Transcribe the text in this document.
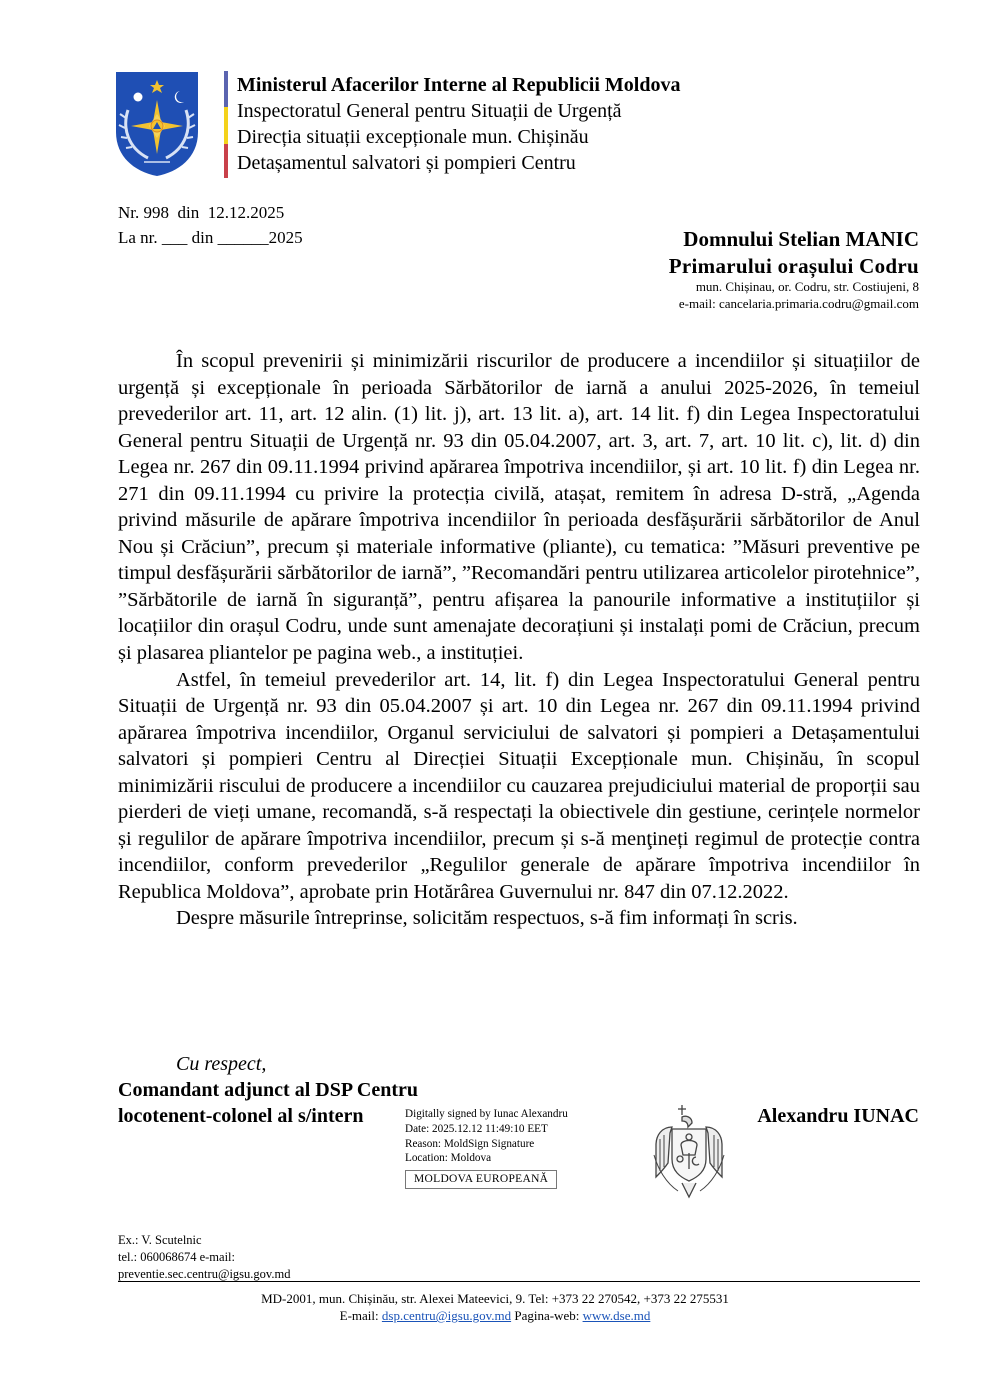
Ministerul Afacerilor Interne al Republicii Moldova
Inspectoratul General pentru Situații de Urgență
Direcția situații excepționale mun. Chișinău
Detașamentul salvatori și pompieri Centru
Nr. 998  din  12.12.2025
La nr. ___ din ______2025	Domnului Stelian MANIC
Primarului orașului Codru
mun. Chișinau, or. Codru, str. Costiujeni, 8
e-mail: cancelaria.primaria.codru@gmail.com

În scopul prevenirii și minimizării riscurilor de producere a incendiilor și situațiilor de urgență și excepționale în perioada Sărbătorilor de iarnă a anului 2025-2026, în temeiul prevederilor art. 11, art. 12 alin. (1) lit. j), art. 13 lit. a), art. 14 lit. f) din Legea Inspectoratului General pentru Situații de Urgență nr. 93 din 05.04.2007, art. 3, art. 7, art. 10 lit. c), lit. d) din Legea nr. 267 din 09.11.1994 privind apărarea împotriva incendiilor, și art. 10 lit. f) din Legea nr. 271 din 09.11.1994 cu privire la protecția civilă, atașat, remitem în adresa D-stră, „Agenda privind măsurile de apărare împotriva incendiilor în perioada desfășurării sărbătorilor de Anul Nou și Crăciun”, precum și materiale informative (pliante), cu tematica: ”Măsuri preventive pe timpul desfășurării sărbătorilor de iarnă”, ”Recomandări pentru utilizarea articolelor pirotehnice”, ”Sărbătorile de iarnă în siguranță”, pentru afișarea la panourile informative a instituțiilor și locațiilor din orașul Codru, unde sunt amenajate decorațiuni și instalați pomi de Crăciun, precum și plasarea pliantelor pe pagina web., a instituției.

Astfel, în temeiul prevederilor art. 14, lit. f) din Legea Inspectoratului General pentru Situații de Urgență nr. 93 din 05.04.2007 și art. 10 din Legea nr. 267 din 09.11.1994 privind apărarea împotriva incendiilor, Organul serviciului de salvatori și pompieri a Detașamentului salvatori și pompieri Centru al Direcției Situații Excepționale mun. Chișinău, în scopul minimizării riscului de producere a incendiilor cu cauzarea prejudiciului material de proporții sau pierderi de vieți umane, recomandă, s-ă respectați la obiectivele din gestiune, cerințele normelor și regulilor de apărare împotriva incendiilor, precum și s-ă menţineți regimul de protecție contra incendiilor, conform prevederilor „Regulilor generale de apărare împotriva incendiilor în Republica Moldova”, aprobate prin Hotărârea Guvernului nr. 847 din 07.12.2022.

Despre măsurile întreprinse, solicităm respectuos, s-ă fim informați în scris.

Cu respect,
Comandant adjunct al DSP Centru
locotenent-colonel al s/intern	Digitally signed by Iunac Alexandru
Date: 2025.12.12 11:49:10 EET
Reason: MoldSign Signature
Location: Moldova
MOLDOVA EUROPEANĂ
Alexandru IUNAC
Ex.: V. Scutelnic
tel.: 060068674 e-mail:
preventie.sec.centru@igsu.gov.md
MD-2001, mun. Chișinău, str. Alexei Mateevici, 9. Tel: +373 22 270542, +373 22 275531
E-mail: dsp.centru@igsu.gov.md Pagina-web: www.dse.md
